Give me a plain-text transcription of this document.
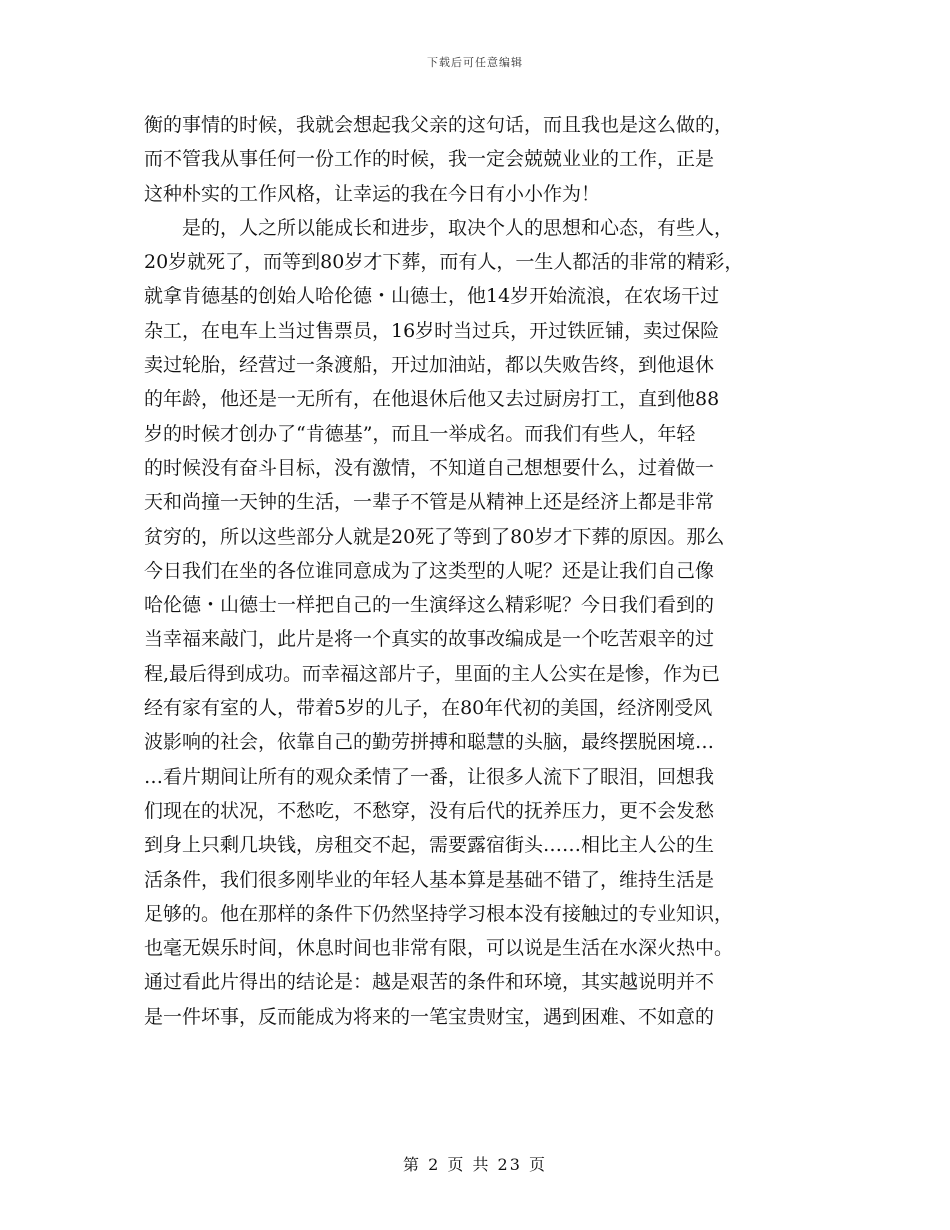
下载后可任意编辑
衡的事情的时候，我就会想起我父亲的这句话，而且我也是这么做的，
而不管我从事任何一份工作的时候，我一定会兢兢业业的工作，正是
这种朴实的工作风格，让幸运的我在今日有小小作为！
　　是的，人之所以能成长和进步，取决个人的思想和心态，有些人，
20岁就死了，而等到80岁才下葬，而有人，一生人都活的非常的精彩，
就拿肯德基的创始人哈伦德・山德士，他14岁开始流浪，在农场干过
杂工，在电车上当过售票员，16岁时当过兵，开过铁匠铺，卖过保险
卖过轮胎，经营过一条渡船，开过加油站，都以失败告终，到他退休
的年龄，他还是一无所有，在他退休后他又去过厨房打工，直到他88
岁的时候才创办了“肯德基”，而且一举成名。而我们有些人，年轻
的时候没有奋斗目标，没有激情，不知道自己想想要什么，过着做一
天和尚撞一天钟的生活，一辈子不管是从精神上还是经济上都是非常
贫穷的，所以这些部分人就是20死了等到了80岁才下葬的原因。那么
今日我们在坐的各位谁同意成为了这类型的人呢？还是让我们自己像
哈伦德・山德士一样把自己的一生演绎这么精彩呢？今日我们看到的
当幸福来敲门，此片是将一个真实的故事改编成是一个吃苦艰辛的过
程,最后得到成功。而幸福这部片子，里面的主人公实在是惨，作为已
经有家有室的人，带着5岁的儿子，在80年代初的美国，经济刚受风
波影响的社会，依靠自己的勤劳拼搏和聪慧的头脑，最终摆脱困境…
…看片期间让所有的观众柔情了一番，让很多人流下了眼泪，回想我
们现在的状况，不愁吃，不愁穿，没有后代的抚养压力，更不会发愁
到身上只剩几块钱，房租交不起，需要露宿街头……相比主人公的生
活条件，我们很多刚毕业的年轻人基本算是基础不错了，维持生活是
足够的。他在那样的条件下仍然坚持学习根本没有接触过的专业知识，
也毫无娱乐时间，休息时间也非常有限，可以说是生活在水深火热中。
通过看此片得出的结论是：越是艰苦的条件和环境，其实越说明并不
是一件坏事，反而能成为将来的一笔宝贵财宝，遇到困难、不如意的
第 2 页 共 23 页
